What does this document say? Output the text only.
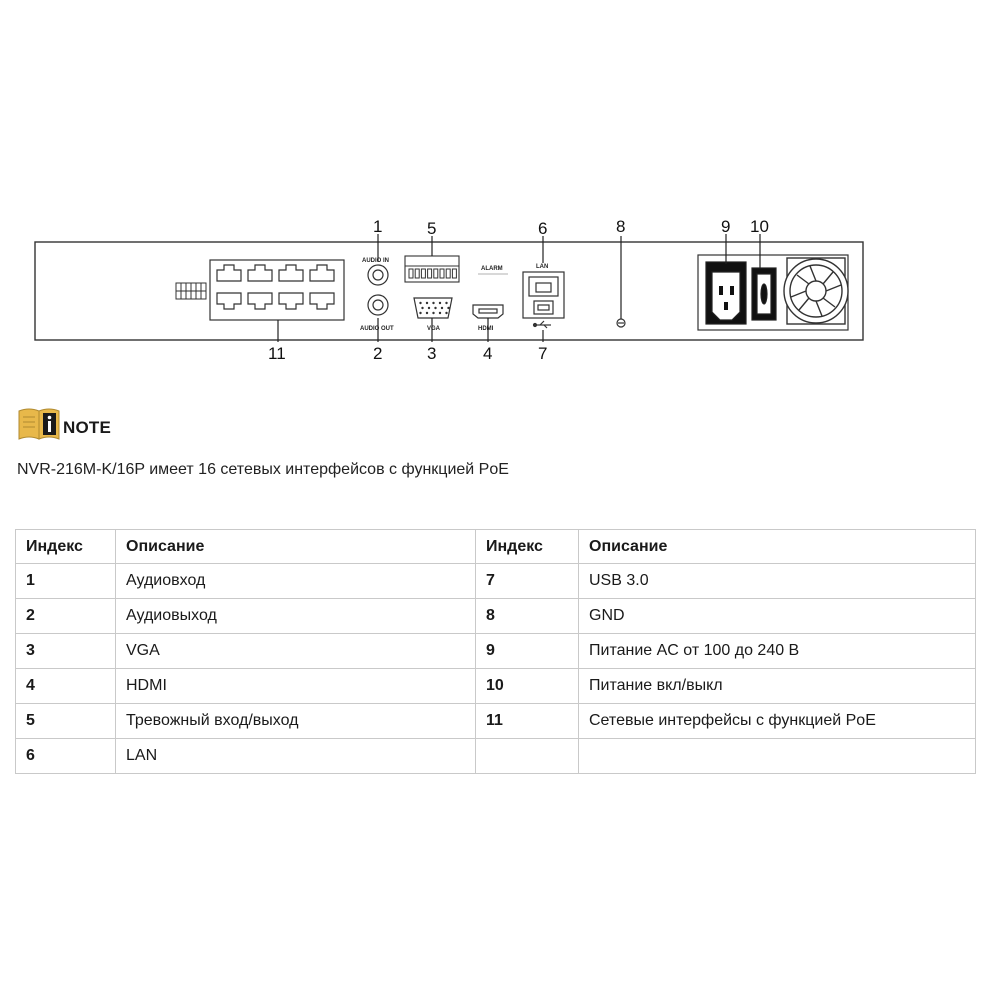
AUDIO IN
AUDIO OUT	VGA
ALARM
HDMI
LAN
1
2	3	4
5	6
7
8	9 10
11
NOTE
NVR-216M-K/16P имеет 16 сетевых интерфейсов с функцией PoE
Индекс	Описание	Индекс	Описание
1	Аудиовход	7	USB 3.0
2	Аудиовыход	8	GND
3	VGA	9	Питание AC от 100 до 240 В
4	HDMI	10	Питание вкл/выкл
5	Тревожный вход/выход	11	Сетевые интерфейсы с функцией PoE
6	LAN		
